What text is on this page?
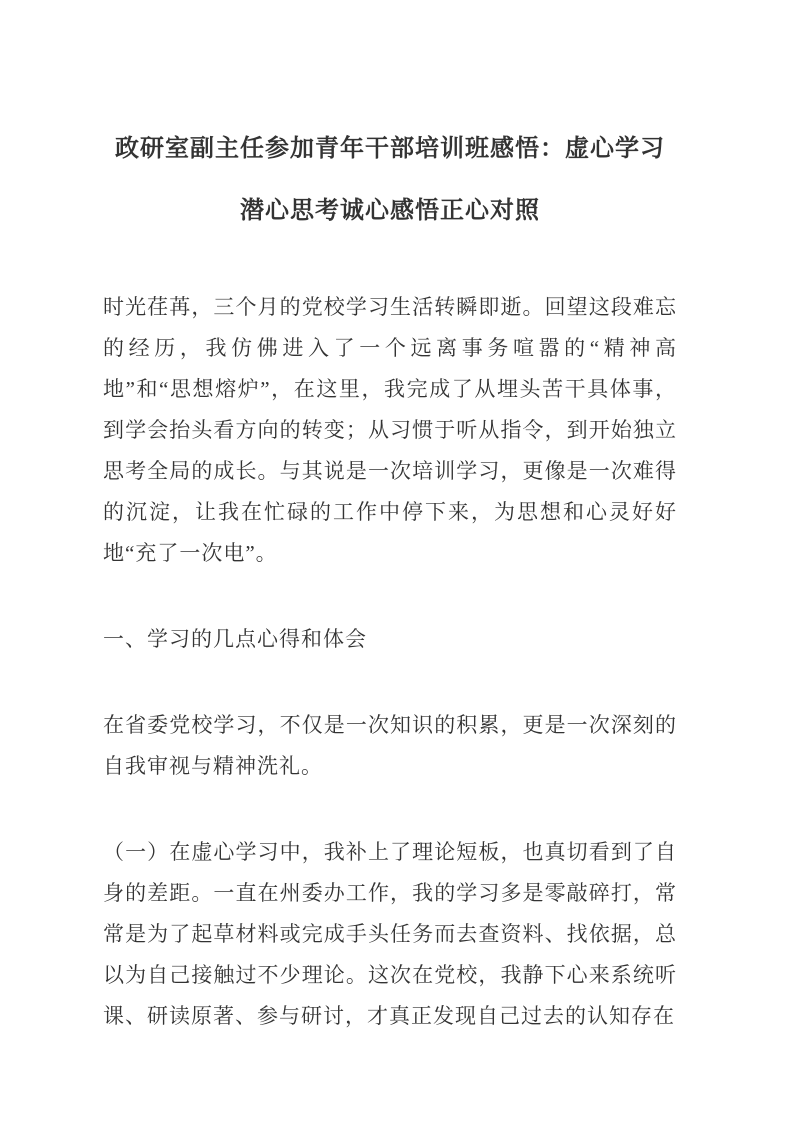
政研室副主任参加青年干部培训班感悟：虚心学习潜心思考诚心感悟正心对照

时光荏苒，三个月的党校学习生活转瞬即逝。回望这段难忘的经历，我仿佛进入了一个远离事务喧嚣的“精神高地”和“思想熔炉”，在这里，我完成了从埋头苦干具体事，到学会抬头看方向的转变；从习惯于听从指令，到开始独立思考全局的成长。与其说是一次培训学习，更像是一次难得的沉淀，让我在忙碌的工作中停下来，为思想和心灵好好地“充了一次电”。

一、学习的几点心得和体会

在省委党校学习，不仅是一次知识的积累，更是一次深刻的自我审视与精神洗礼。

（一）在虚心学习中，我补上了理论短板，也真切看到了自身的差距。一直在州委办工作，我的学习多是零敲碎打，常常是为了起草材料或完成手头任务而去查资料、找依据，总以为自己接触过不少理论。这次在党校，我静下心来系统听课、研读原著、参与研讨，才真正发现自己过去的认知存在
